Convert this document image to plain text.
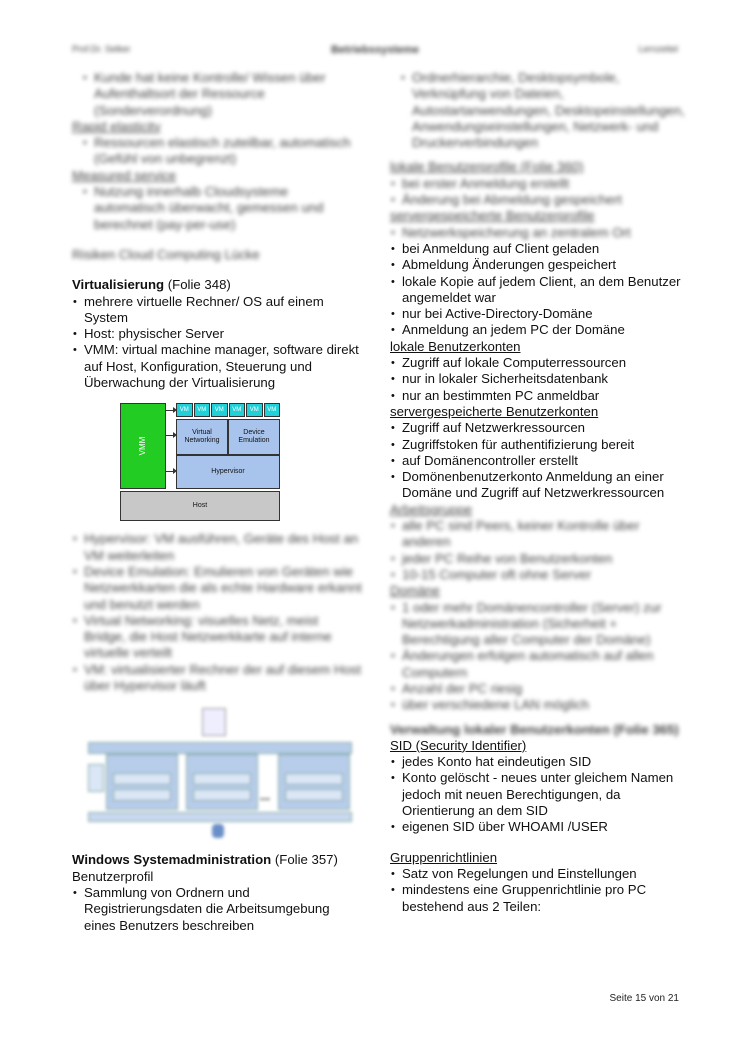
Prof.Dr. Selker	Betriebssysteme	Lernzettel
• Kunde hat keine Kontrolle/ Wissen über Aufenthaltsort der Ressource (Sonderverordnung)
Rapid elasticity
• Ressourcen elastisch zuteilbar, automatisch (Gefühl von unbegrenzt)
Measured service
• Nutzung innerhalb Cloudsysteme automatisch überwacht, gemessen und berechnet (pay-per-use)
Risiken Cloud Computing Lücke
Virtualisierung (Folie 348)
• mehrere virtuelle Rechner/ OS auf einem System
• Host: physischer Server
• VMM: virtual machine manager, software direkt auf Host, Konfiguration, Steuerung und Überwachung der Virtualisierung
VMM
VM	VM	VM	VM	VM	VM
Virtual Networking
Device Emulation
Hypervisor
Host
• Hypervisor: VM ausführen, Geräte des Host an VM weiterleiten
• Device Emulation: Emulieren von Geräten wie Netzwerkkarten die als echte Hardware erkannt und benutzt werden
• Virtual Networking: visuelles Netz, meist Bridge, die Host Netzwerkkarte auf interne virtuelle verteilt
• VM: virtualisierter Rechner der auf diesem Host über Hypervisor läuft
...
Windows Systemadministration (Folie 357)
Benutzerprofil
• Sammlung von Ordnern und Registrierungsdaten die Arbeitsumgebung eines Benutzers beschreiben
• Ordnerhierarchie, Desktopsymbole, Verknüpfung von Dateien, Autostartanwendungen, Desktopeinstellungen, Anwendungseinstellungen, Netzwerk- und Druckerverbindungen
lokale Benutzerprofile (Folie 360)
• bei erster Anmeldung erstellt
• Änderung bei Abmeldung gespeichert
servergespeicherte Benutzerprofile
• Netzwerkspeicherung an zentralem Ort
• bei Anmeldung auf Client geladen
• Abmeldung Änderungen gespeichert
• lokale Kopie auf jedem Client, an dem Benutzer angemeldet war
• nur bei Active-Directory-Domäne
• Anmeldung an jedem PC der Domäne
lokale Benutzerkonten
• Zugriff auf lokale Computerressourcen
• nur in lokaler Sicherheitsdatenbank
• nur an bestimmten PC anmeldbar
servergespeicherte Benutzerkonten
• Zugriff auf Netzwerkressourcen
• Zugriffstoken für authentifizierung bereit
• auf Domänencontroller erstellt
• Domönenbenutzerkonto Anmeldung an einer Domäne und Zugriff auf Netzwerkressourcen
Arbeitsgruppe
• alle PC sind Peers, keiner Kontrolle über anderen
• jeder PC Reihe von Benutzerkonten
• 10-15 Computer oft ohne Server
Domäne
• 1 oder mehr Domänencontroller (Server) zur Netzwerkadministration (Sicherheit + Berechtigung aller Computer der Domäne)
• Änderungen erfolgen automatisch auf allen Computern
• Anzahl der PC riesig
• über verschiedene LAN möglich
Verwaltung lokaler Benutzerkonten (Folie 365)
SID (Security Identifier)
• jedes Konto hat eindeutigen SID
• Konto gelöscht - neues unter gleichem Namen jedoch mit neuen Berechtigungen, da Orientierung an dem SID
• eigenen SID über WHOAMI /USER
Gruppenrichtlinien
• Satz von Regelungen und Einstellungen
• mindestens eine Gruppenrichtlinie pro PC bestehend aus 2 Teilen:
Seite 15 von 21
